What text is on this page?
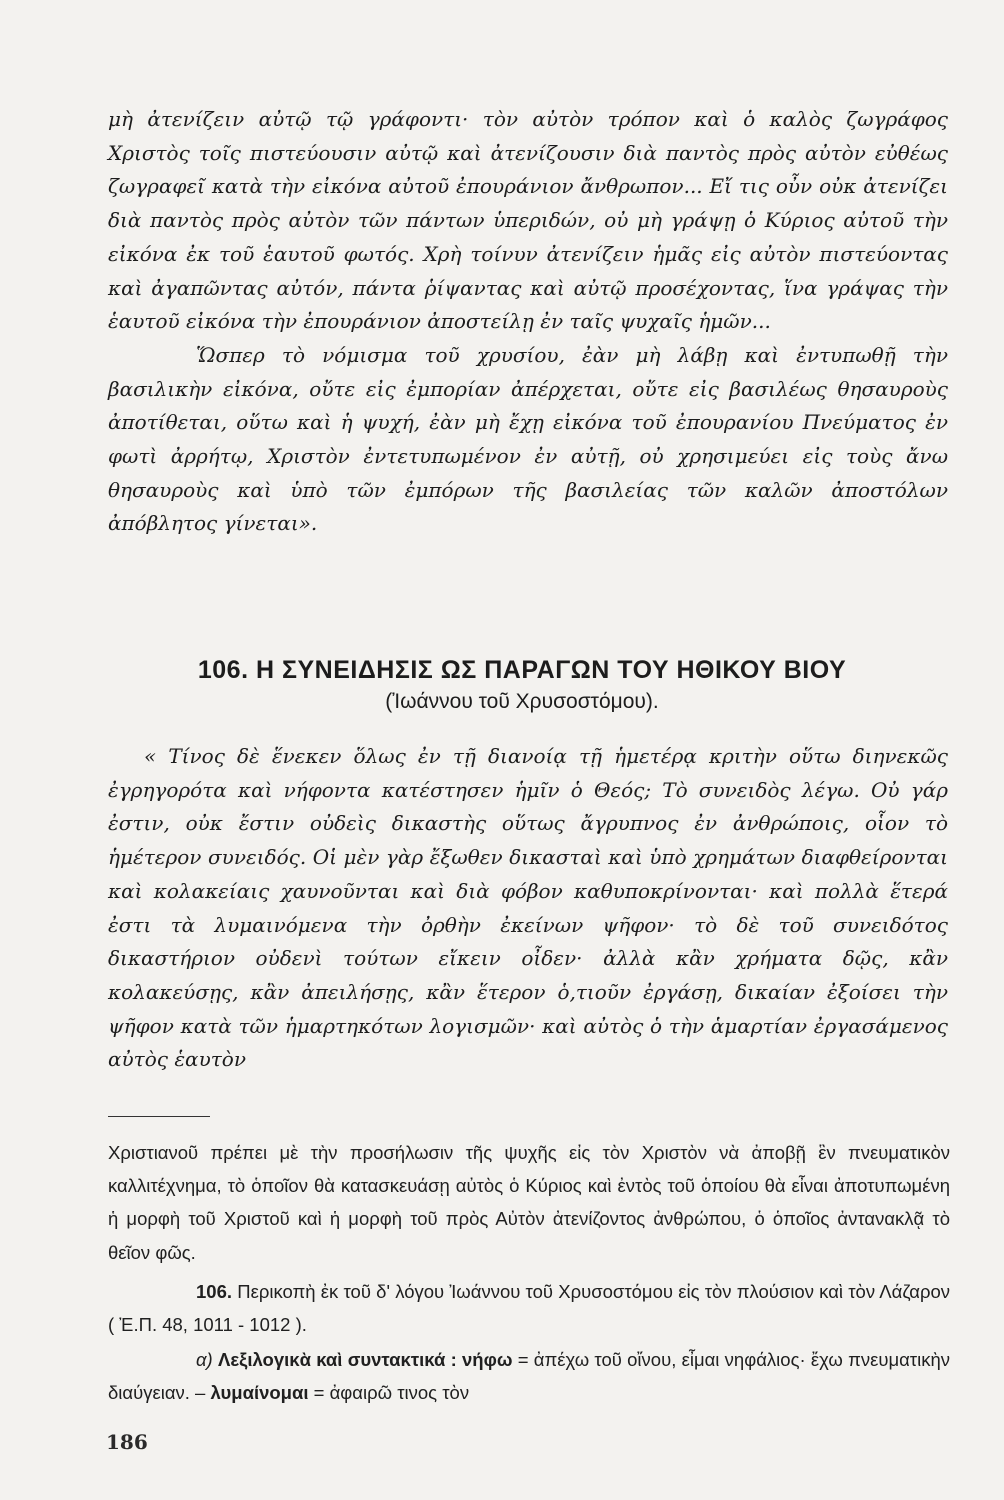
μὴ ἀτενίζειν αὐτῷ τῷ γράφοντι· τὸν αὐτὸν τρόπον καὶ ὁ καλὸς ζωγράφος Χριστὸς τοῖς πιστεύουσιν αὐτῷ καὶ ἀτενίζουσιν διὰ παντὸς πρὸς αὐτὸν εὐθέως ζωγραφεῖ κατὰ τὴν εἰκόνα αὐτοῦ ἐπουράνιον ἄνθρωπον... Εἴ τις οὖν οὐκ ἀτενίζει διὰ παντὸς πρὸς αὐτὸν τῶν πάντων ὑπεριδών, οὐ μὴ γράψῃ ὁ Κύριος αὐτοῦ τὴν εἰκόνα ἐκ τοῦ ἑαυτοῦ φωτός. Χρὴ τοίνυν ἀτενίζειν ἡμᾶς εἰς αὐτὸν πιστεύοντας καὶ ἀγαπῶντας αὐτόν, πάντα ῥίψαντας καὶ αὐτῷ προσέχοντας, ἵνα γράψας τὴν ἑαυτοῦ εἰκόνα τὴν ἐπουράνιον ἀποστείλῃ ἐν ταῖς ψυχαῖς ἡμῶν...

Ὥσπερ τὸ νόμισμα τοῦ χρυσίου, ἐὰν μὴ λάβῃ καὶ ἐντυπωθῇ τὴν βασιλικὴν εἰκόνα, οὔτε εἰς ἐμπορίαν ἀπέρχεται, οὔτε εἰς βασιλέως θησαυροὺς ἀποτίθεται, οὕτω καὶ ἡ ψυχή, ἐὰν μὴ ἔχῃ εἰκόνα τοῦ ἐπουρανίου Πνεύματος ἐν φωτὶ ἀρρήτῳ, Χριστὸν ἐντετυπωμένον ἐν αὐτῇ, οὐ χρησιμεύει εἰς τοὺς ἄνω θησαυροὺς καὶ ὑπὸ τῶν ἐμπόρων τῆς βασιλείας τῶν καλῶν ἀποστόλων ἀπόβλητος γίνεται».

106. Η ΣΥΝΕΙΔΗΣΙΣ ΩΣ ΠΑΡΑΓΩΝ ΤΟΥ ΗΘΙΚΟΥ ΒΙΟΥ
(Ἰωάννου τοῦ Χρυσοστόμου).

« Τίνος δὲ ἕνεκεν ὅλως ἐν τῇ διανοίᾳ τῇ ἡμετέρᾳ κριτὴν οὕτω διηνεκῶς ἐγρηγορότα καὶ νήφοντα κατέστησεν ἡμῖν ὁ Θεός; Τὸ συνειδὸς λέγω. Οὐ γάρ ἐστιν, οὐκ ἔστιν οὐδεὶς δικαστὴς οὕτως ἄγρυπνος ἐν ἀνθρώποις, οἷον τὸ ἡμέτερον συνειδός. Οἱ μὲν γὰρ ἔξωθεν δικασταὶ καὶ ὑπὸ χρημάτων διαφθείρονται καὶ κολακείαις χαυνοῦνται καὶ διὰ φόβον καθυποκρίνονται· καὶ πολλὰ ἕτερά ἐστι τὰ λυμαινόμενα τὴν ὀρθὴν ἐκείνων ψῆφον· τὸ δὲ τοῦ συνειδότος δικαστήριον οὐδενὶ τούτων εἴκειν οἶδεν· ἀλλὰ κἂν χρήματα δῷς, κἂν κολακεύσῃς, κἂν ἀπειλήσῃς, κἂν ἕτερον ὁ,τιοῦν ἐργάσῃ, δικαίαν ἐξοίσει τὴν ψῆφον κατὰ τῶν ἡμαρτηκότων λογισμῶν· καὶ αὐτὸς ὁ τὴν ἁμαρτίαν ἐργασάμενος αὐτὸς ἑαυτὸν

Χριστιανοῦ πρέπει μὲ τὴν προσήλωσιν τῆς ψυχῆς εἰς τὸν Χριστὸν νὰ ἀποβῇ ἓν πνευματικὸν καλλιτέχνημα, τὸ ὁποῖον θὰ κατασκευάσῃ αὐτὸς ὁ Κύριος καὶ ἐντὸς τοῦ ὁποίου θὰ εἶναι ἀποτυπωμένη ἡ μορφὴ τοῦ Χριστοῦ καὶ ἡ μορφὴ τοῦ πρὸς Αὐτὸν ἀτενίζοντος ἀνθρώπου, ὁ ὁποῖος ἀντανακλᾷ τὸ θεῖον φῶς.

106. Περικοπὴ ἐκ τοῦ δ' λόγου Ἰωάννου τοῦ Χρυσοστόμου εἰς τὸν πλούσιον καὶ τὸν Λάζαρον ( Ἐ.Π. 48, 1011 - 1012 ).

α) Λεξιλογικὰ καὶ συντακτικά : νήφω = ἀπέχω τοῦ οἴνου, εἶμαι νηφάλιος· ἔχω πνευματικὴν διαύγειαν. – λυμαίνομαι = ἀφαιρῶ τινος τὸν

186
